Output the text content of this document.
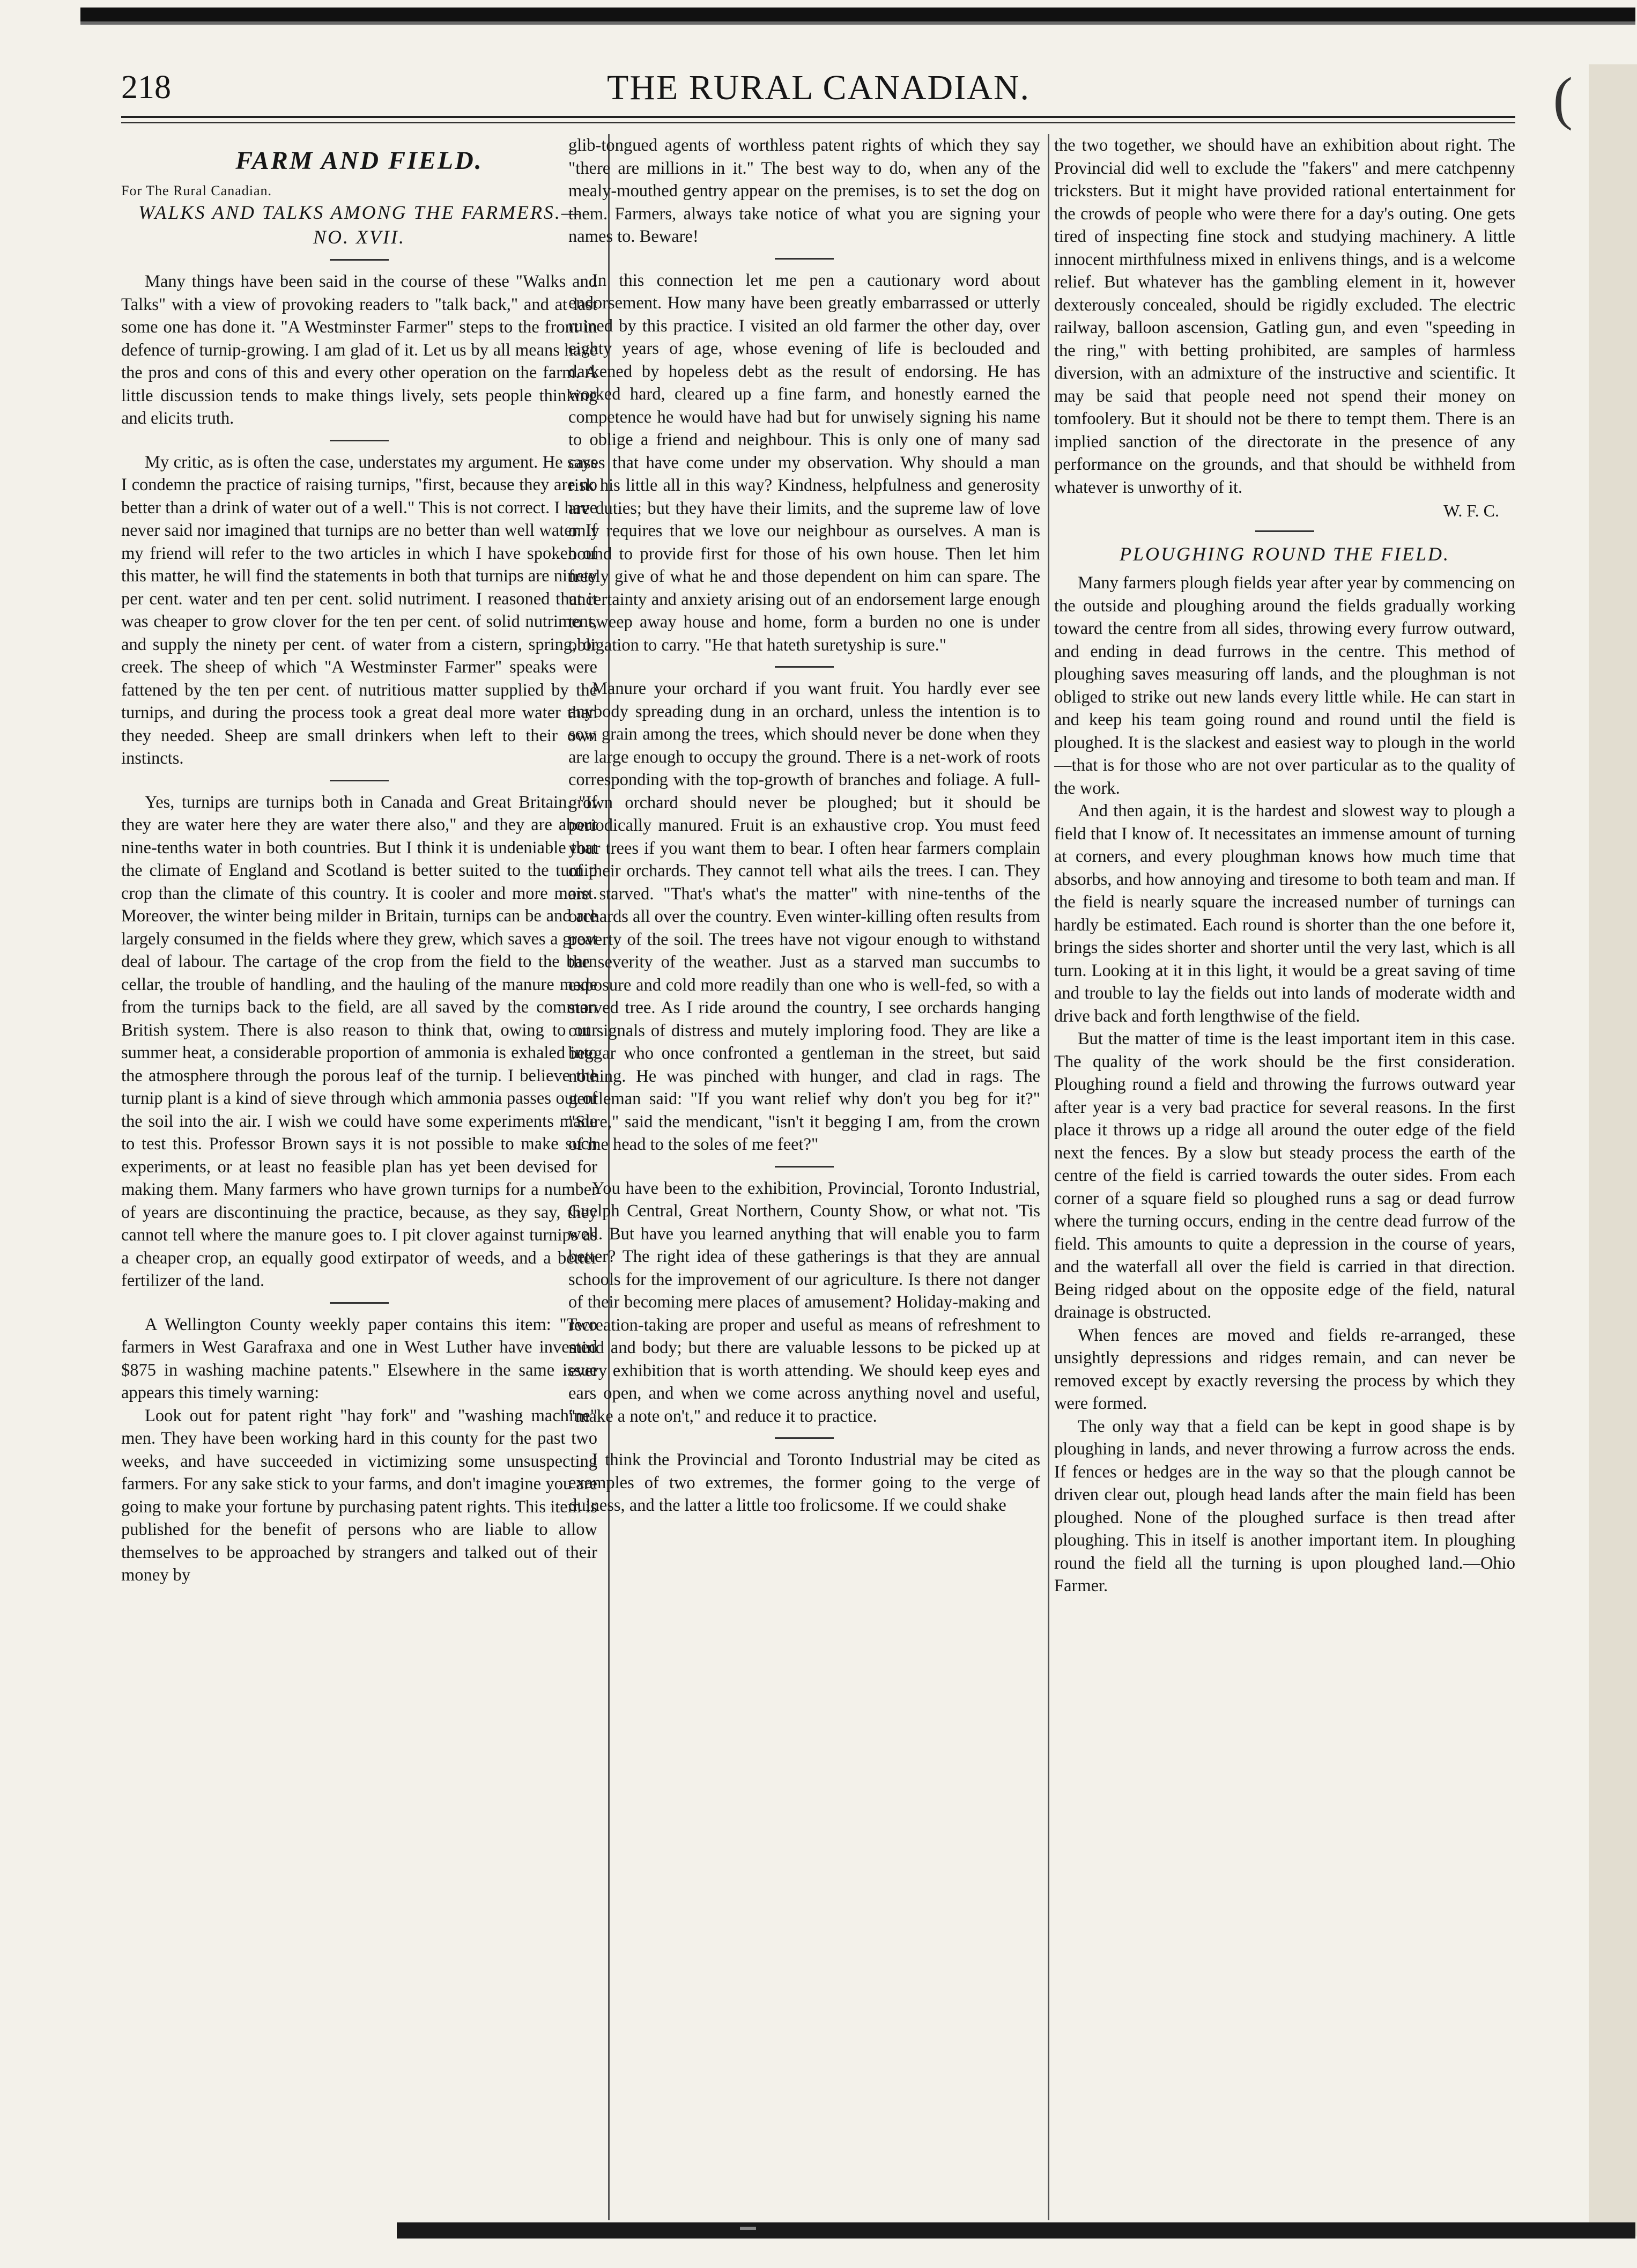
(
218	THE RURAL CANADIAN.
FARM AND FIELD.
For The Rural Canadian.
WALKS AND TALKS AMONG THE FARMERS.—NO. XVII.

Many things have been said in the course of these "Walks and Talks" with a view of provoking readers to "talk back," and at last some one has done it. "A Westminster Farmer" steps to the front in defence of turnip-growing. I am glad of it. Let us by all means have the pros and cons of this and every other operation on the farm. A little discussion tends to make things lively, sets people thinking and elicits truth.

My critic, as is often the case, understates my argument. He says I condemn the practice of raising turnips, "first, because they are no better than a drink of water out of a well." This is not correct. I have never said nor imagined that turnips are no better than well water. If my friend will refer to the two articles in which I have spoken of this matter, he will find the statements in both that turnips are ninety per cent. water and ten per cent. solid nutriment. I reasoned that it was cheaper to grow clover for the ten per cent. of solid nutriment, and supply the ninety per cent. of water from a cistern, spring, or creek. The sheep of which "A Westminster Farmer" speaks were fattened by the ten per cent. of nutritious matter supplied by the turnips, and during the process took a great deal more water than they needed. Sheep are small drinkers when left to their own instincts.

Yes, turnips are turnips both in Canada and Great Britain. "If they are water here they are water there also," and they are about nine-tenths water in both countries. But I think it is undeniable that the climate of England and Scotland is better suited to the turnip crop than the climate of this country. It is cooler and more moist. Moreover, the winter being milder in Britain, turnips can be and are largely consumed in the fields where they grew, which saves a great deal of labour. The cartage of the crop from the field to the barn cellar, the trouble of handling, and the hauling of the manure made from the turnips back to the field, are all saved by the common British system. There is also reason to think that, owing to our summer heat, a considerable proportion of ammonia is exhaled into the atmosphere through the porous leaf of the turnip. I believe the turnip plant is a kind of sieve through which ammonia passes out of the soil into the air. I wish we could have some experiments made to test this. Professor Brown says it is not possible to make such experiments, or at least no feasible plan has yet been devised for making them. Many farmers who have grown turnips for a number of years are discontinuing the practice, because, as they say, they cannot tell where the manure goes to. I pit clover against turnips as a cheaper crop, an equally good extirpator of weeds, and a better fertilizer of the land.

A Wellington County weekly paper contains this item: "Two farmers in West Garafraxa and one in West Luther have invested $875 in washing machine patents." Elsewhere in the same issue appears this timely warning:

Look out for patent right "hay fork" and "washing machine" men. They have been working hard in this county for the past two weeks, and have succeeded in victimizing some unsuspecting farmers. For any sake stick to your farms, and don't imagine you are going to make your fortune by purchasing patent rights. This item is published for the benefit of persons who are liable to allow themselves to be approached by strangers and talked out of their money by

glib-tongued agents of worthless patent rights of which they say "there are millions in it." The best way to do, when any of the mealy-mouthed gentry appear on the premises, is to set the dog on them. Farmers, always take notice of what you are signing your names to. Beware!

In this connection let me pen a cautionary word about endorsement. How many have been greatly embarrassed or utterly ruined by this practice. I visited an old farmer the other day, over eighty years of age, whose evening of life is beclouded and darkened by hopeless debt as the result of endorsing. He has worked hard, cleared up a fine farm, and honestly earned the competence he would have had but for unwisely signing his name to oblige a friend and neighbour. This is only one of many sad cases that have come under my observation. Why should a man risk his little all in this way? Kindness, helpfulness and generosity are duties; but they have their limits, and the supreme law of love only requires that we love our neighbour as ourselves. A man is bound to provide first for those of his own house. Then let him freely give of what he and those dependent on him can spare. The uncertainty and anxiety arising out of an endorsement large enough to sweep away house and home, form a burden no one is under obligation to carry. "He that hateth suretyship is sure."

Manure your orchard if you want fruit. You hardly ever see anybody spreading dung in an orchard, unless the intention is to sow grain among the trees, which should never be done when they are large enough to occupy the ground. There is a net-work of roots corresponding with the top-growth of branches and foliage. A full-grown orchard should never be ploughed; but it should be periodically manured. Fruit is an exhaustive crop. You must feed your trees if you want them to bear. I often hear farmers complain of their orchards. They cannot tell what ails the trees. I can. They are starved. "That's what's the matter" with nine-tenths of the orchards all over the country. Even winter-killing often results from poverty of the soil. The trees have not vigour enough to withstand the severity of the weather. Just as a starved man succumbs to exposure and cold more readily than one who is well-fed, so with a starved tree. As I ride around the country, I see orchards hanging out signals of distress and mutely imploring food. They are like a beggar who once confronted a gentleman in the street, but said nothing. He was pinched with hunger, and clad in rags. The gentleman said: "If you want relief why don't you beg for it?" "Sure," said the mendicant, "isn't it begging I am, from the crown of me head to the soles of me feet?"

You have been to the exhibition, Provincial, Toronto Industrial, Guelph Central, Great Northern, County Show, or what not. 'Tis well. But have you learned anything that will enable you to farm better? The right idea of these gatherings is that they are annual schools for the improvement of our agriculture. Is there not danger of their becoming mere places of amusement? Holiday-making and recreation-taking are proper and useful as means of refreshment to mind and body; but there are valuable lessons to be picked up at every exhibition that is worth attending. We should keep eyes and ears open, and when we come across anything novel and useful, "make a note on't," and reduce it to practice.

I think the Provincial and Toronto Industrial may be cited as examples of two extremes, the former going to the verge of dulness, and the latter a little too frolicsome. If we could shake

the two together, we should have an exhibition about right. The Provincial did well to exclude the "fakers" and mere catchpenny tricksters. But it might have provided rational entertainment for the crowds of people who were there for a day's outing. One gets tired of inspecting fine stock and studying machinery. A little innocent mirthfulness mixed in enlivens things, and is a welcome relief. But whatever has the gambling element in it, however dexterously concealed, should be rigidly excluded. The electric railway, balloon ascension, Gatling gun, and even "speeding in the ring," with betting prohibited, are samples of harmless diversion, with an admixture of the instructive and scientific. It may be said that people need not spend their money on tomfoolery. But it should not be there to tempt them. There is an implied sanction of the directorate in the presence of any performance on the grounds, and that should be withheld from whatever is unworthy of it.

W. F. C.
PLOUGHING ROUND THE FIELD.

Many farmers plough fields year after year by commencing on the outside and ploughing around the fields gradually working toward the centre from all sides, throwing every furrow outward, and ending in dead furrows in the centre. This method of ploughing saves measuring off lands, and the ploughman is not obliged to strike out new lands every little while. He can start in and keep his team going round and round until the field is ploughed. It is the slackest and easiest way to plough in the world—that is for those who are not over particular as to the quality of the work.

And then again, it is the hardest and slowest way to plough a field that I know of. It necessitates an immense amount of turning at corners, and every ploughman knows how much time that absorbs, and how annoying and tiresome to both team and man. If the field is nearly square the increased number of turnings can hardly be estimated. Each round is shorter than the one before it, brings the sides shorter and shorter until the very last, which is all turn. Looking at it in this light, it would be a great saving of time and trouble to lay the fields out into lands of moderate width and drive back and forth lengthwise of the field.

But the matter of time is the least important item in this case. The quality of the work should be the first consideration. Ploughing round a field and throwing the furrows outward year after year is a very bad practice for several reasons. In the first place it throws up a ridge all around the outer edge of the field next the fences. By a slow but steady process the earth of the centre of the field is carried towards the outer sides. From each corner of a square field so ploughed runs a sag or dead furrow where the turning occurs, ending in the centre dead furrow of the field. This amounts to quite a depression in the course of years, and the waterfall all over the field is carried in that direction. Being ridged about on the opposite edge of the field, natural drainage is obstructed.

When fences are moved and fields re-arranged, these unsightly depressions and ridges remain, and can never be removed except by exactly reversing the process by which they were formed.

The only way that a field can be kept in good shape is by ploughing in lands, and never throwing a furrow across the ends. If fences or hedges are in the way so that the plough cannot be driven clear out, plough head lands after the main field has been ploughed. None of the ploughed surface is then tread after ploughing. This in itself is another important item. In ploughing round the field all the turning is upon ploughed land.—Ohio Farmer.
